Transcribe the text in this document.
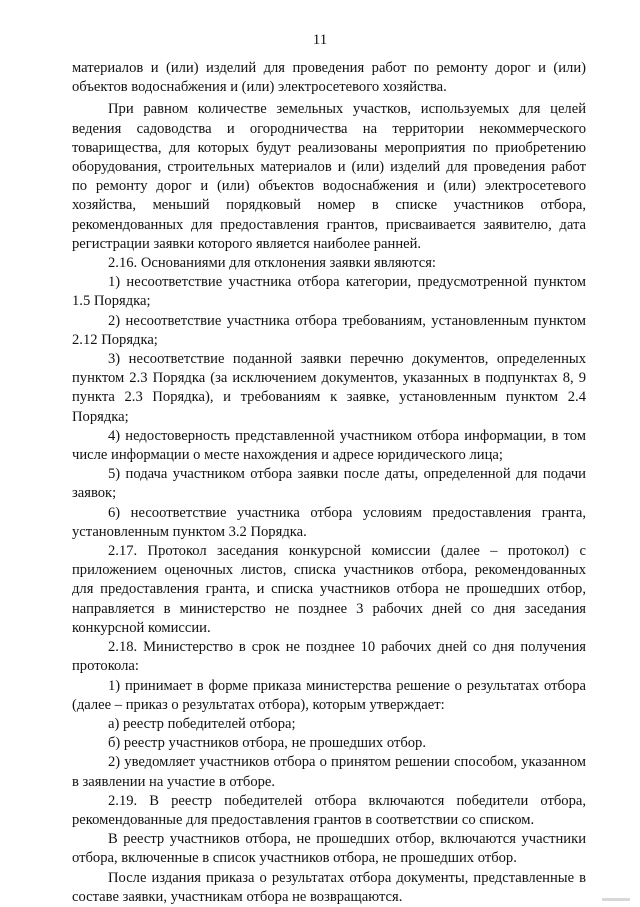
11

материалов и (или) изделий для проведения работ по ремонту дорог и (или) объектов водоснабжения и (или) электросетевого хозяйства.

При равном количестве земельных участков, используемых для целей ведения садоводства и огородничества на территории некоммерческого товарищества, для которых будут реализованы мероприятия по приобретению оборудования, строительных материалов и (или) изделий для проведения работ по ремонту дорог и (или) объектов водоснабжения и (или) электросетевого хозяйства, меньший порядковый номер в списке участников отбора, рекомендованных для предоставления грантов, присваивается заявителю, дата регистрации заявки которого является наиболее ранней.

2.16. Основаниями для отклонения заявки являются:

1) несоответствие участника отбора категории, предусмотренной пунктом 1.5 Порядка;

2) несоответствие участника отбора требованиям, установленным пунктом 2.12 Порядка;

3) несоответствие поданной заявки перечню документов, определенных пунктом 2.3 Порядка (за исключением документов, указанных в подпунктах 8, 9 пункта 2.3 Порядка), и требованиям к заявке, установленным пунктом 2.4 Порядка;

4) недостоверность представленной участником отбора информации, в том числе информации о месте нахождения и адресе юридического лица;

5) подача участником отбора заявки после даты, определенной для подачи заявок;

6) несоответствие участника отбора условиям предоставления гранта, установленным пунктом 3.2 Порядка.

2.17. Протокол заседания конкурсной комиссии (далее – протокол) с приложением оценочных листов, списка участников отбора, рекомендованных для предоставления гранта, и списка участников отбора не прошедших отбор, направляется в министерство не позднее 3 рабочих дней со дня заседания конкурсной комиссии.

2.18. Министерство в срок не позднее 10 рабочих дней со дня получения протокола:

1) принимает в форме приказа министерства решение о результатах отбора (далее – приказ о результатах отбора), которым утверждает:

а) реестр победителей отбора;

б) реестр участников отбора, не прошедших отбор.

2) уведомляет участников отбора о принятом решении способом, указанном в заявлении на участие в отборе.

2.19. В реестр победителей отбора включаются победители отбора, рекомендованные для предоставления грантов в соответствии со списком.

В реестр участников отбора, не прошедших отбор, включаются участники отбора, включенные в список участников отбора, не прошедших отбор.

После издания приказа о результатах отбора документы, представленные в составе заявки, участникам отбора не возвращаются.
